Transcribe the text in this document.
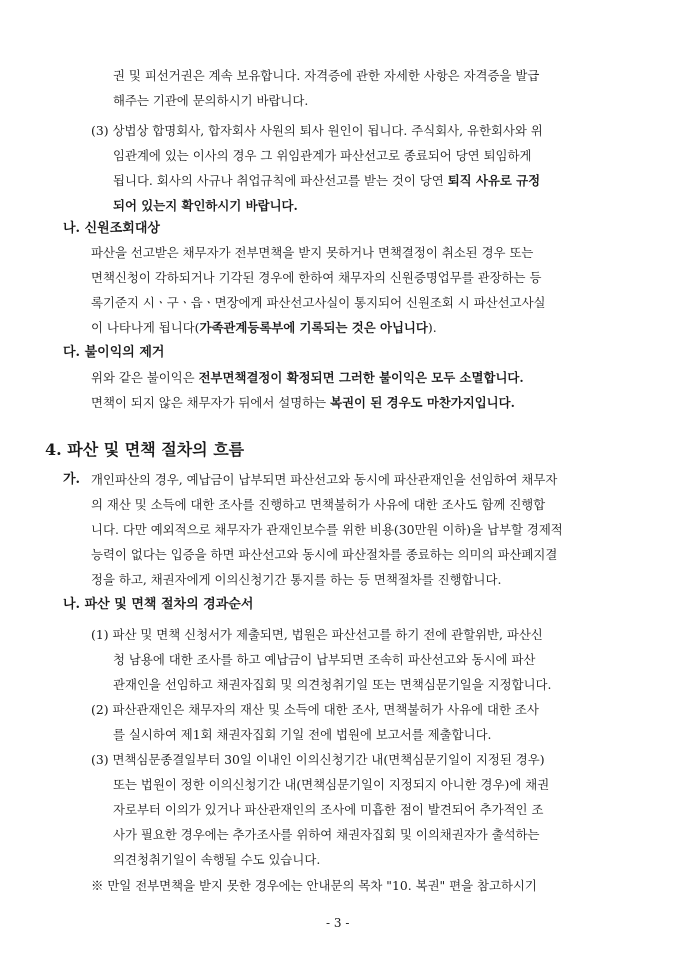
권 및 피선거권은 계속 보유합니다. 자격증에 관한 자세한 사항은 자격증을 발급
해주는 기관에 문의하시기 바랍니다.
(3) 상법상 합명회사, 합자회사 사원의 퇴사 원인이 됩니다. 주식회사, 유한회사와 위
임관계에 있는 이사의 경우 그 위임관계가 파산선고로 종료되어 당연 퇴임하게
됩니다. 회사의 사규나 취업규칙에 파산선고를 받는 것이 당연 퇴직 사유로 규정
되어 있는지 확인하시기 바랍니다.
나. 신원조회대상
파산을 선고받은 채무자가 전부면책을 받지 못하거나 면책결정이 취소된 경우 또는
면책신청이 각하되거나 기각된 경우에 한하여 채무자의 신원증명업무를 관장하는 등
록기준지 시ㆍ구ㆍ읍ㆍ면장에게 파산선고사실이 통지되어 신원조회 시 파산선고사실
이 나타나게 됩니다(가족관계등록부에 기록되는 것은 아닙니다).
다. 불이익의 제거
위와 같은 불이익은 전부면책결정이 확정되면 그러한 불이익은 모두 소멸합니다.
면책이 되지 않은 채무자가 뒤에서 설명하는 복권이 된 경우도 마찬가지입니다.
4. 파산 및 면책 절차의 흐름
가. 개인파산의 경우, 예납금이 납부되면 파산선고와 동시에 파산관재인을 선임하여 채무자
의 재산 및 소득에 대한 조사를 진행하고 면책불허가 사유에 대한 조사도 함께 진행합
니다. 다만 예외적으로 채무자가 관재인보수를 위한 비용(30만원 이하)을 납부할 경제적
능력이 없다는 입증을 하면 파산선고와 동시에 파산절차를 종료하는 의미의 파산폐지결
정을 하고, 채권자에게 이의신청기간 통지를 하는 등 면책절차를 진행합니다.
나. 파산 및 면책 절차의 경과순서
(1) 파산 및 면책 신청서가 제출되면, 법원은 파산선고를 하기 전에 관할위반, 파산신
청 남용에 대한 조사를 하고 예납금이 납부되면 조속히 파산선고와 동시에 파산
관재인을 선임하고 채권자집회 및 의견청취기일 또는 면책심문기일을 지정합니다.
(2) 파산관재인은 채무자의 재산 및 소득에 대한 조사, 면책불허가 사유에 대한 조사
를 실시하여 제1회 채권자집회 기일 전에 법원에 보고서를 제출합니다.
(3) 면책심문종결일부터 30일 이내인 이의신청기간 내(면책심문기일이 지정된 경우)
또는 법원이 정한 이의신청기간 내(면책심문기일이 지정되지 아니한 경우)에 채권
자로부터 이의가 있거나 파산관재인의 조사에 미흡한 점이 발견되어 추가적인 조
사가 필요한 경우에는 추가조사를 위하여 채권자집회 및 이의채권자가 출석하는
의견청취기일이 속행될 수도 있습니다.
※ 만일 전부면책을 받지 못한 경우에는 안내문의 목차 "10. 복권" 편을 참고하시기
- 3 -
